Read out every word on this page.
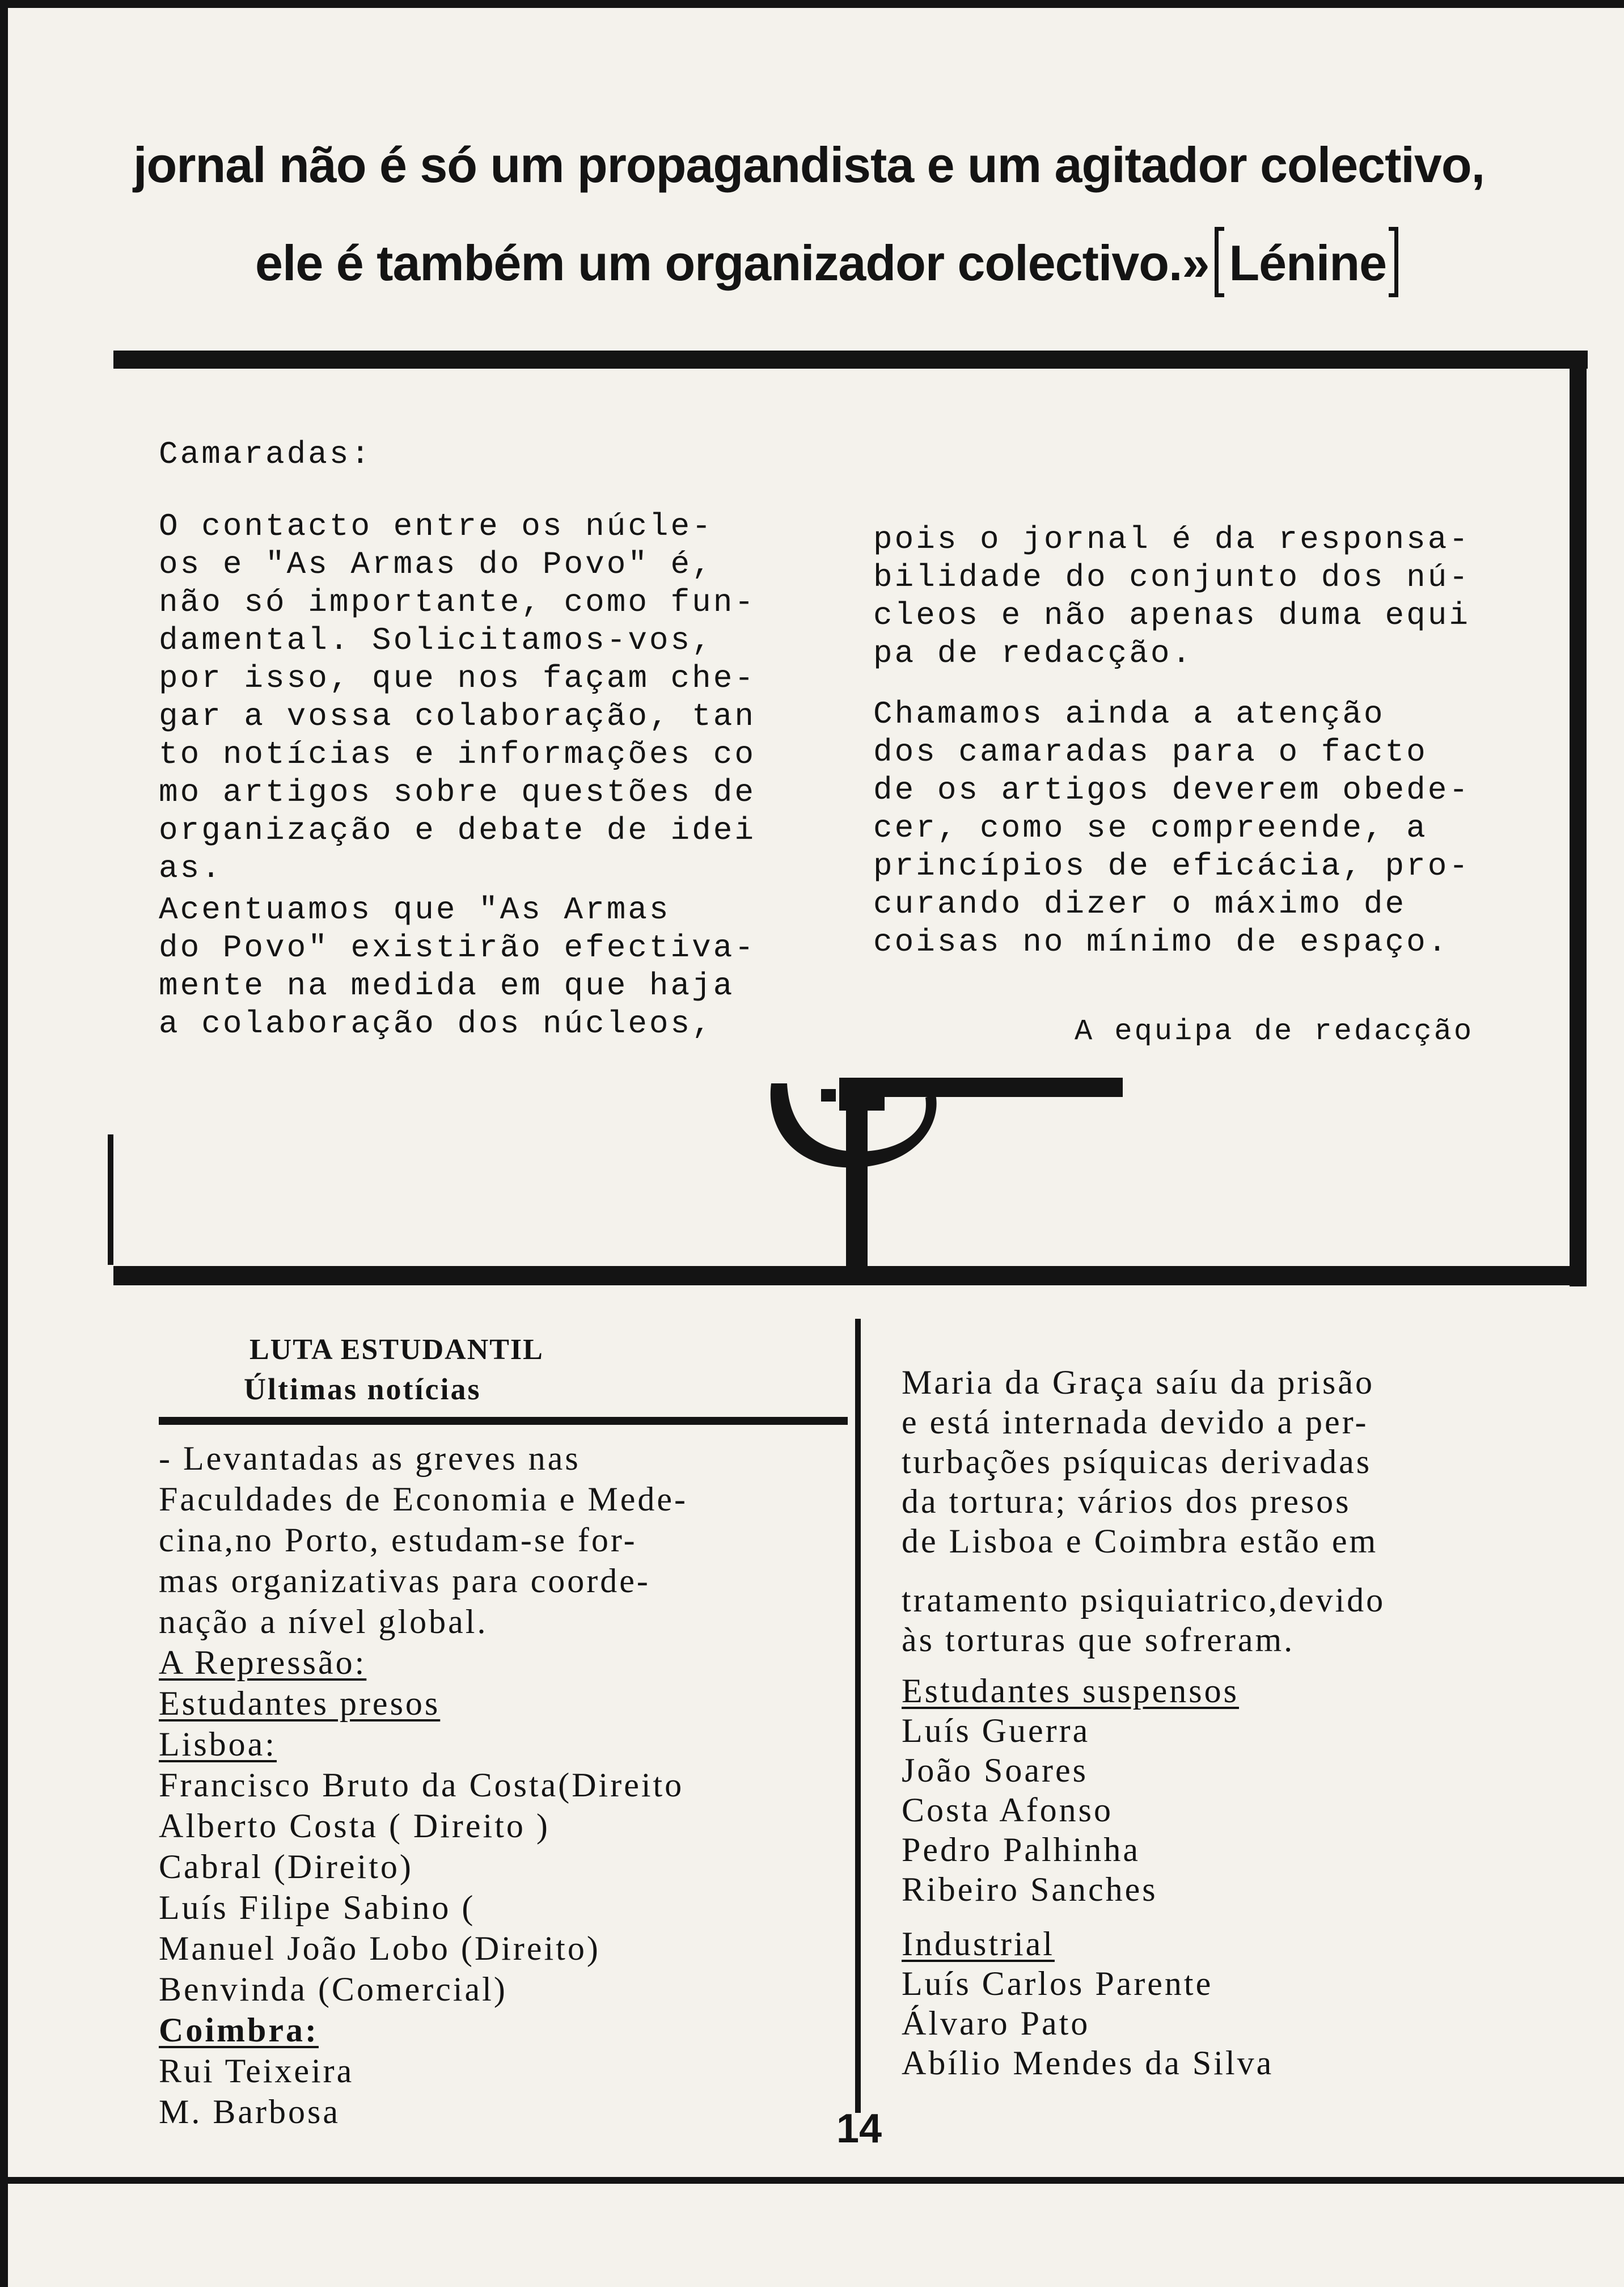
jornal não é só um propagandista e um agitador colectivo,
ele é também um organizador colectivo.» Lénine
Camaradas:
O contacto entre os núcle-
os e "As Armas do Povo" é,
não só importante, como fun-
damental. Solicitamos-vos,
por isso, que nos façam che-
gar a vossa colaboração, tan
to notícias e informações co
mo artigos sobre questões de
organização e debate de idei
as.
Acentuamos que "As Armas
do Povo" existirão efectiva-
mente na medida em que haja
a colaboração dos núcleos,
pois o jornal é da responsa-
bilidade do conjunto dos nú-
cleos e não apenas duma equi
pa de redacção.
Chamamos ainda a atenção
dos camaradas para o facto
de os artigos deverem obede-
cer, como se compreende, a
princípios de eficácia, pro-
curando dizer o máximo de
coisas no mínimo de espaço.
A equipa de redacção
LUTA ESTUDANTIL
Últimas notícias
- Levantadas as greves nas
Faculdades de Economia e Mede-
cina,no Porto, estudam-se for-
mas organizativas para coorde-
nação a nível global.
A Repressão:
Estudantes presos
Lisboa:
Francisco Bruto da Costa(Direito
Alberto Costa ( Direito )
Cabral (Direito)
Luís Filipe Sabino (
Manuel João Lobo (Direito)
Benvinda (Comercial)
Coimbra:
Rui Teixeira
M. Barbosa
Maria da Graça saíu da prisão
e está internada devido a per-
turbações psíquicas derivadas
da tortura; vários dos presos
de Lisboa e Coimbra estão em
tratamento psiquiatrico,devido
às torturas que sofreram.
Estudantes suspensos
Luís Guerra
João Soares
Costa Afonso
Pedro Palhinha
Ribeiro Sanches
Industrial
Luís Carlos Parente
Álvaro Pato
Abílio Mendes da Silva
14
